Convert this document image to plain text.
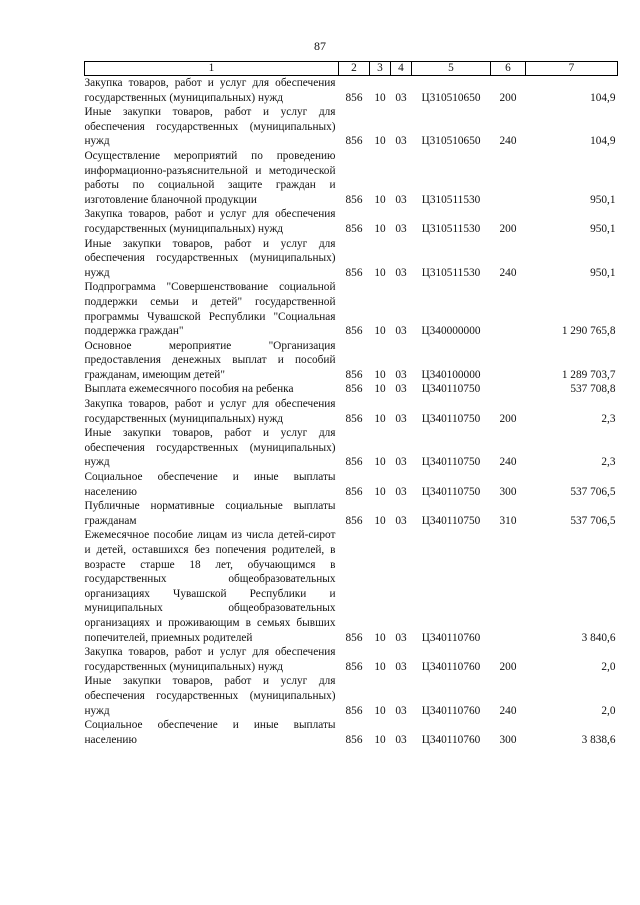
87
1	2	3	4	5	6	7
Закупка товаров, работ и услуг для обеспечения государственных (муниципальных) нужд	856	10	03	Ц310510650	200	104,9
Иные закупки товаров, работ и услуг для обеспечения государственных (муниципальных) нужд	856	10	03	Ц310510650	240	104,9
Осуществление мероприятий по проведению информационно-разъяснительной и методической работы по социальной защите граждан и изготовление бланочной продукции	856	10	03	Ц310511530		950,1
Закупка товаров, работ и услуг для обеспечения государственных (муниципальных) нужд	856	10	03	Ц310511530	200	950,1
Иные закупки товаров, работ и услуг для обеспечения государственных (муниципальных) нужд	856	10	03	Ц310511530	240	950,1
Подпрограмма "Совершенствование социальной поддержки семьи и детей" государственной программы Чувашской Республики "Социальная поддержка граждан"	856	10	03	Ц340000000		1 290 765,8
Основное мероприятие "Организация предоставления денежных выплат и пособий гражданам, имеющим детей"	856	10	03	Ц340100000		1 289 703,7
Выплата ежемесячного пособия на ребенка	856	10	03	Ц340110750		537 708,8
Закупка товаров, работ и услуг для обеспечения государственных (муниципальных) нужд	856	10	03	Ц340110750	200	2,3
Иные закупки товаров, работ и услуг для обеспечения государственных (муниципальных) нужд	856	10	03	Ц340110750	240	2,3
Социальное обеспечение и иные выплаты населению	856	10	03	Ц340110750	300	537 706,5
Публичные нормативные социальные выплаты гражданам	856	10	03	Ц340110750	310	537 706,5
Ежемесячное пособие лицам из числа детей-сирот и детей, оставшихся без попечения родителей, в возрасте старше 18 лет, обучающимся в государственных общеобразовательных организациях Чувашской Республики и муниципальных общеобразовательных организациях и проживающим в семьях бывших попечителей, приемных родителей	856	10	03	Ц340110760		3 840,6
Закупка товаров, работ и услуг для обеспечения государственных (муниципальных) нужд	856	10	03	Ц340110760	200	2,0
Иные закупки товаров, работ и услуг для обеспечения государственных (муниципальных) нужд	856	10	03	Ц340110760	240	2,0
Социальное обеспечение и иные выплаты населению	856	10	03	Ц340110760	300	3 838,6
